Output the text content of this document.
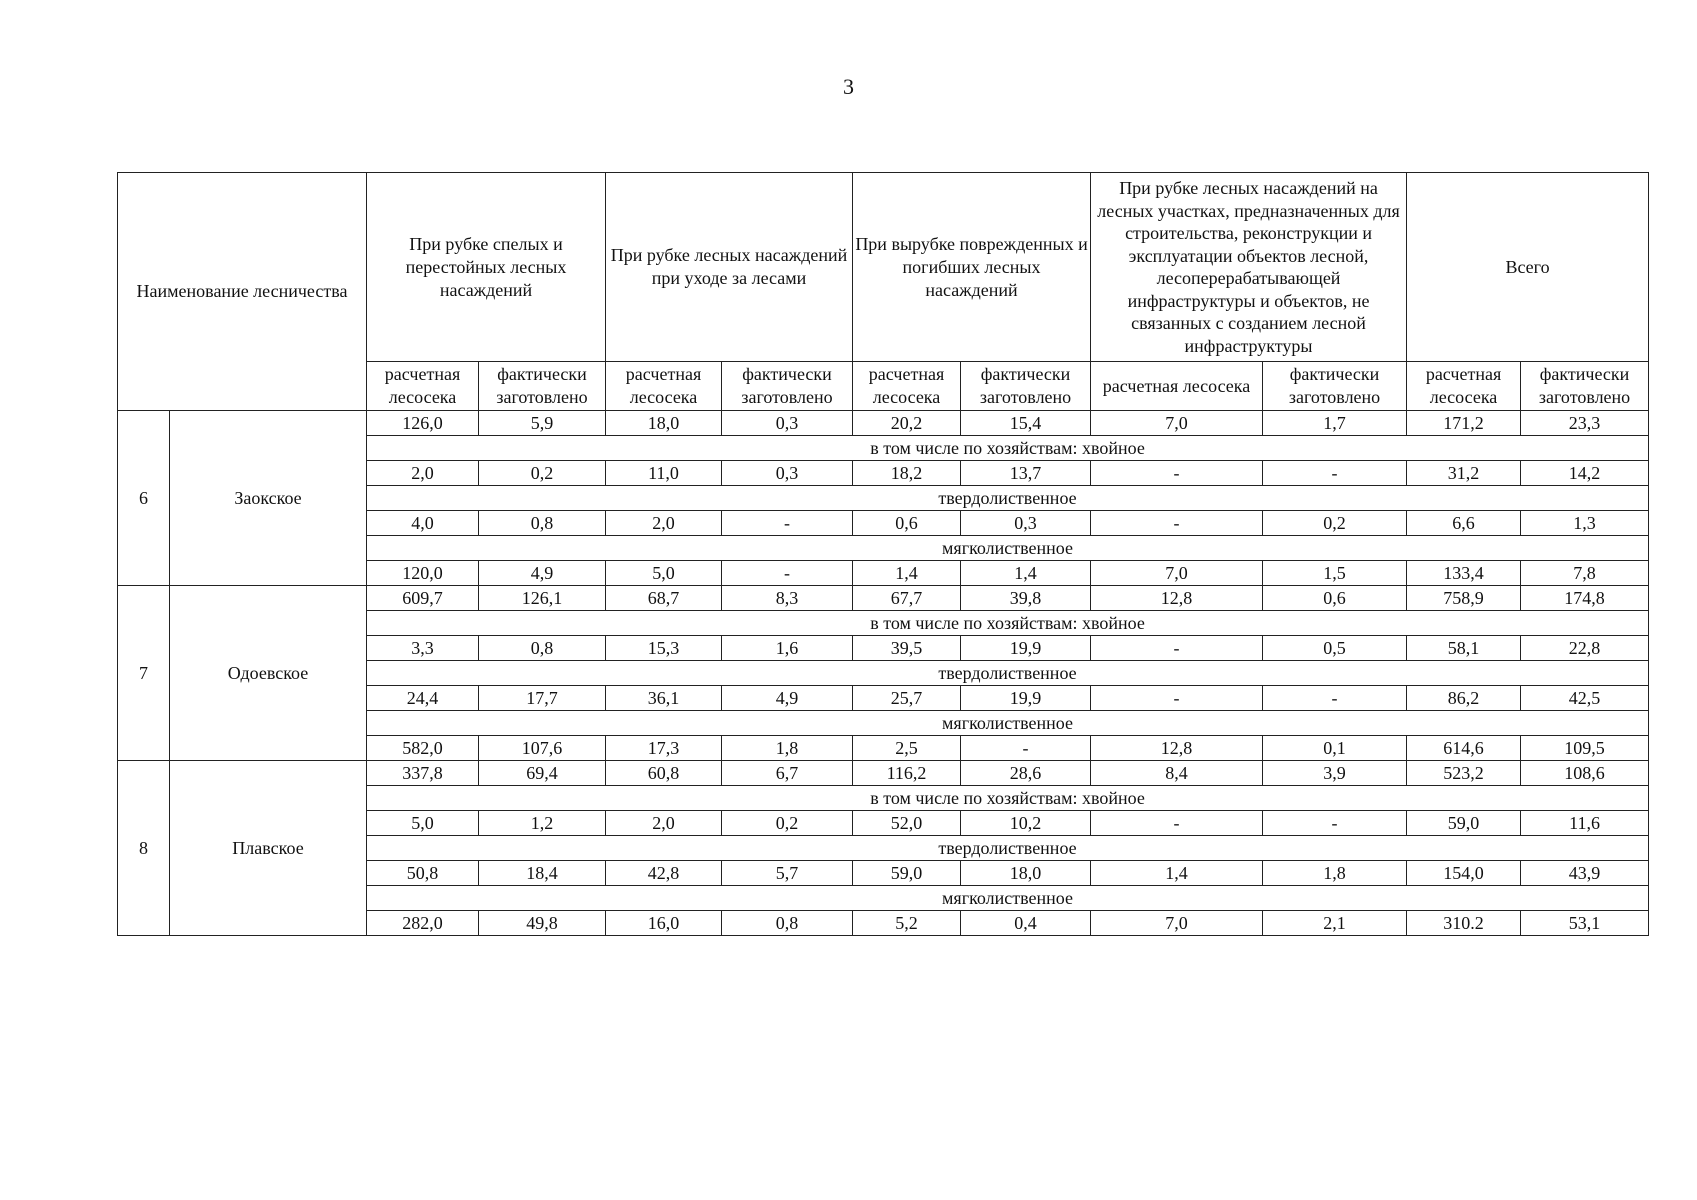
3
Наименование лесничества		При рубке спелых и перестойных лесных насаждений		При рубке лесных насаждений при уходе за лесами		При вырубке поврежденных и погибших лесных насаждений		При рубке лесных насаждений на лесных участках, предназначенных для строительства, реконструкции и эксплуатации объектов лесной, лесоперерабатывающей инфраструктуры и объектов, не связанных с созданием лесной инфраструктуры		Всего	
		расчетная лесосека	фактически заготовлено	расчетная лесосека	фактически заготовлено	расчетная лесосека	фактически заготовлено	расчетная лесосека	фактически заготовлено	расчетная лесосека	фактически заготовлено
6	Заокское	126,0	5,9	18,0	0,3	20,2	15,4	7,0	1,7	171,2	23,3
		в том числе по хозяйствам: хвойное									
		2,0	0,2	11,0	0,3	18,2	13,7	-	-	31,2	14,2
		твердолиственное									
		4,0	0,8	2,0	-	0,6	0,3	-	0,2	6,6	1,3
		мягколиственное									
		120,0	4,9	5,0	-	1,4	1,4	7,0	1,5	133,4	7,8
7	Одоевское	609,7	126,1	68,7	8,3	67,7	39,8	12,8	0,6	758,9	174,8
		в том числе по хозяйствам: хвойное									
		3,3	0,8	15,3	1,6	39,5	19,9	-	0,5	58,1	22,8
		твердолиственное									
		24,4	17,7	36,1	4,9	25,7	19,9	-	-	86,2	42,5
		мягколиственное									
		582,0	107,6	17,3	1,8	2,5	-	12,8	0,1	614,6	109,5
8	Плавское	337,8	69,4	60,8	6,7	116,2	28,6	8,4	3,9	523,2	108,6
		в том числе по хозяйствам: хвойное									
		5,0	1,2	2,0	0,2	52,0	10,2	-	-	59,0	11,6
		твердолиственное									
		50,8	18,4	42,8	5,7	59,0	18,0	1,4	1,8	154,0	43,9
		мягколиственное									
		282,0	49,8	16,0	0,8	5,2	0,4	7,0	2,1	310.2	53,1
